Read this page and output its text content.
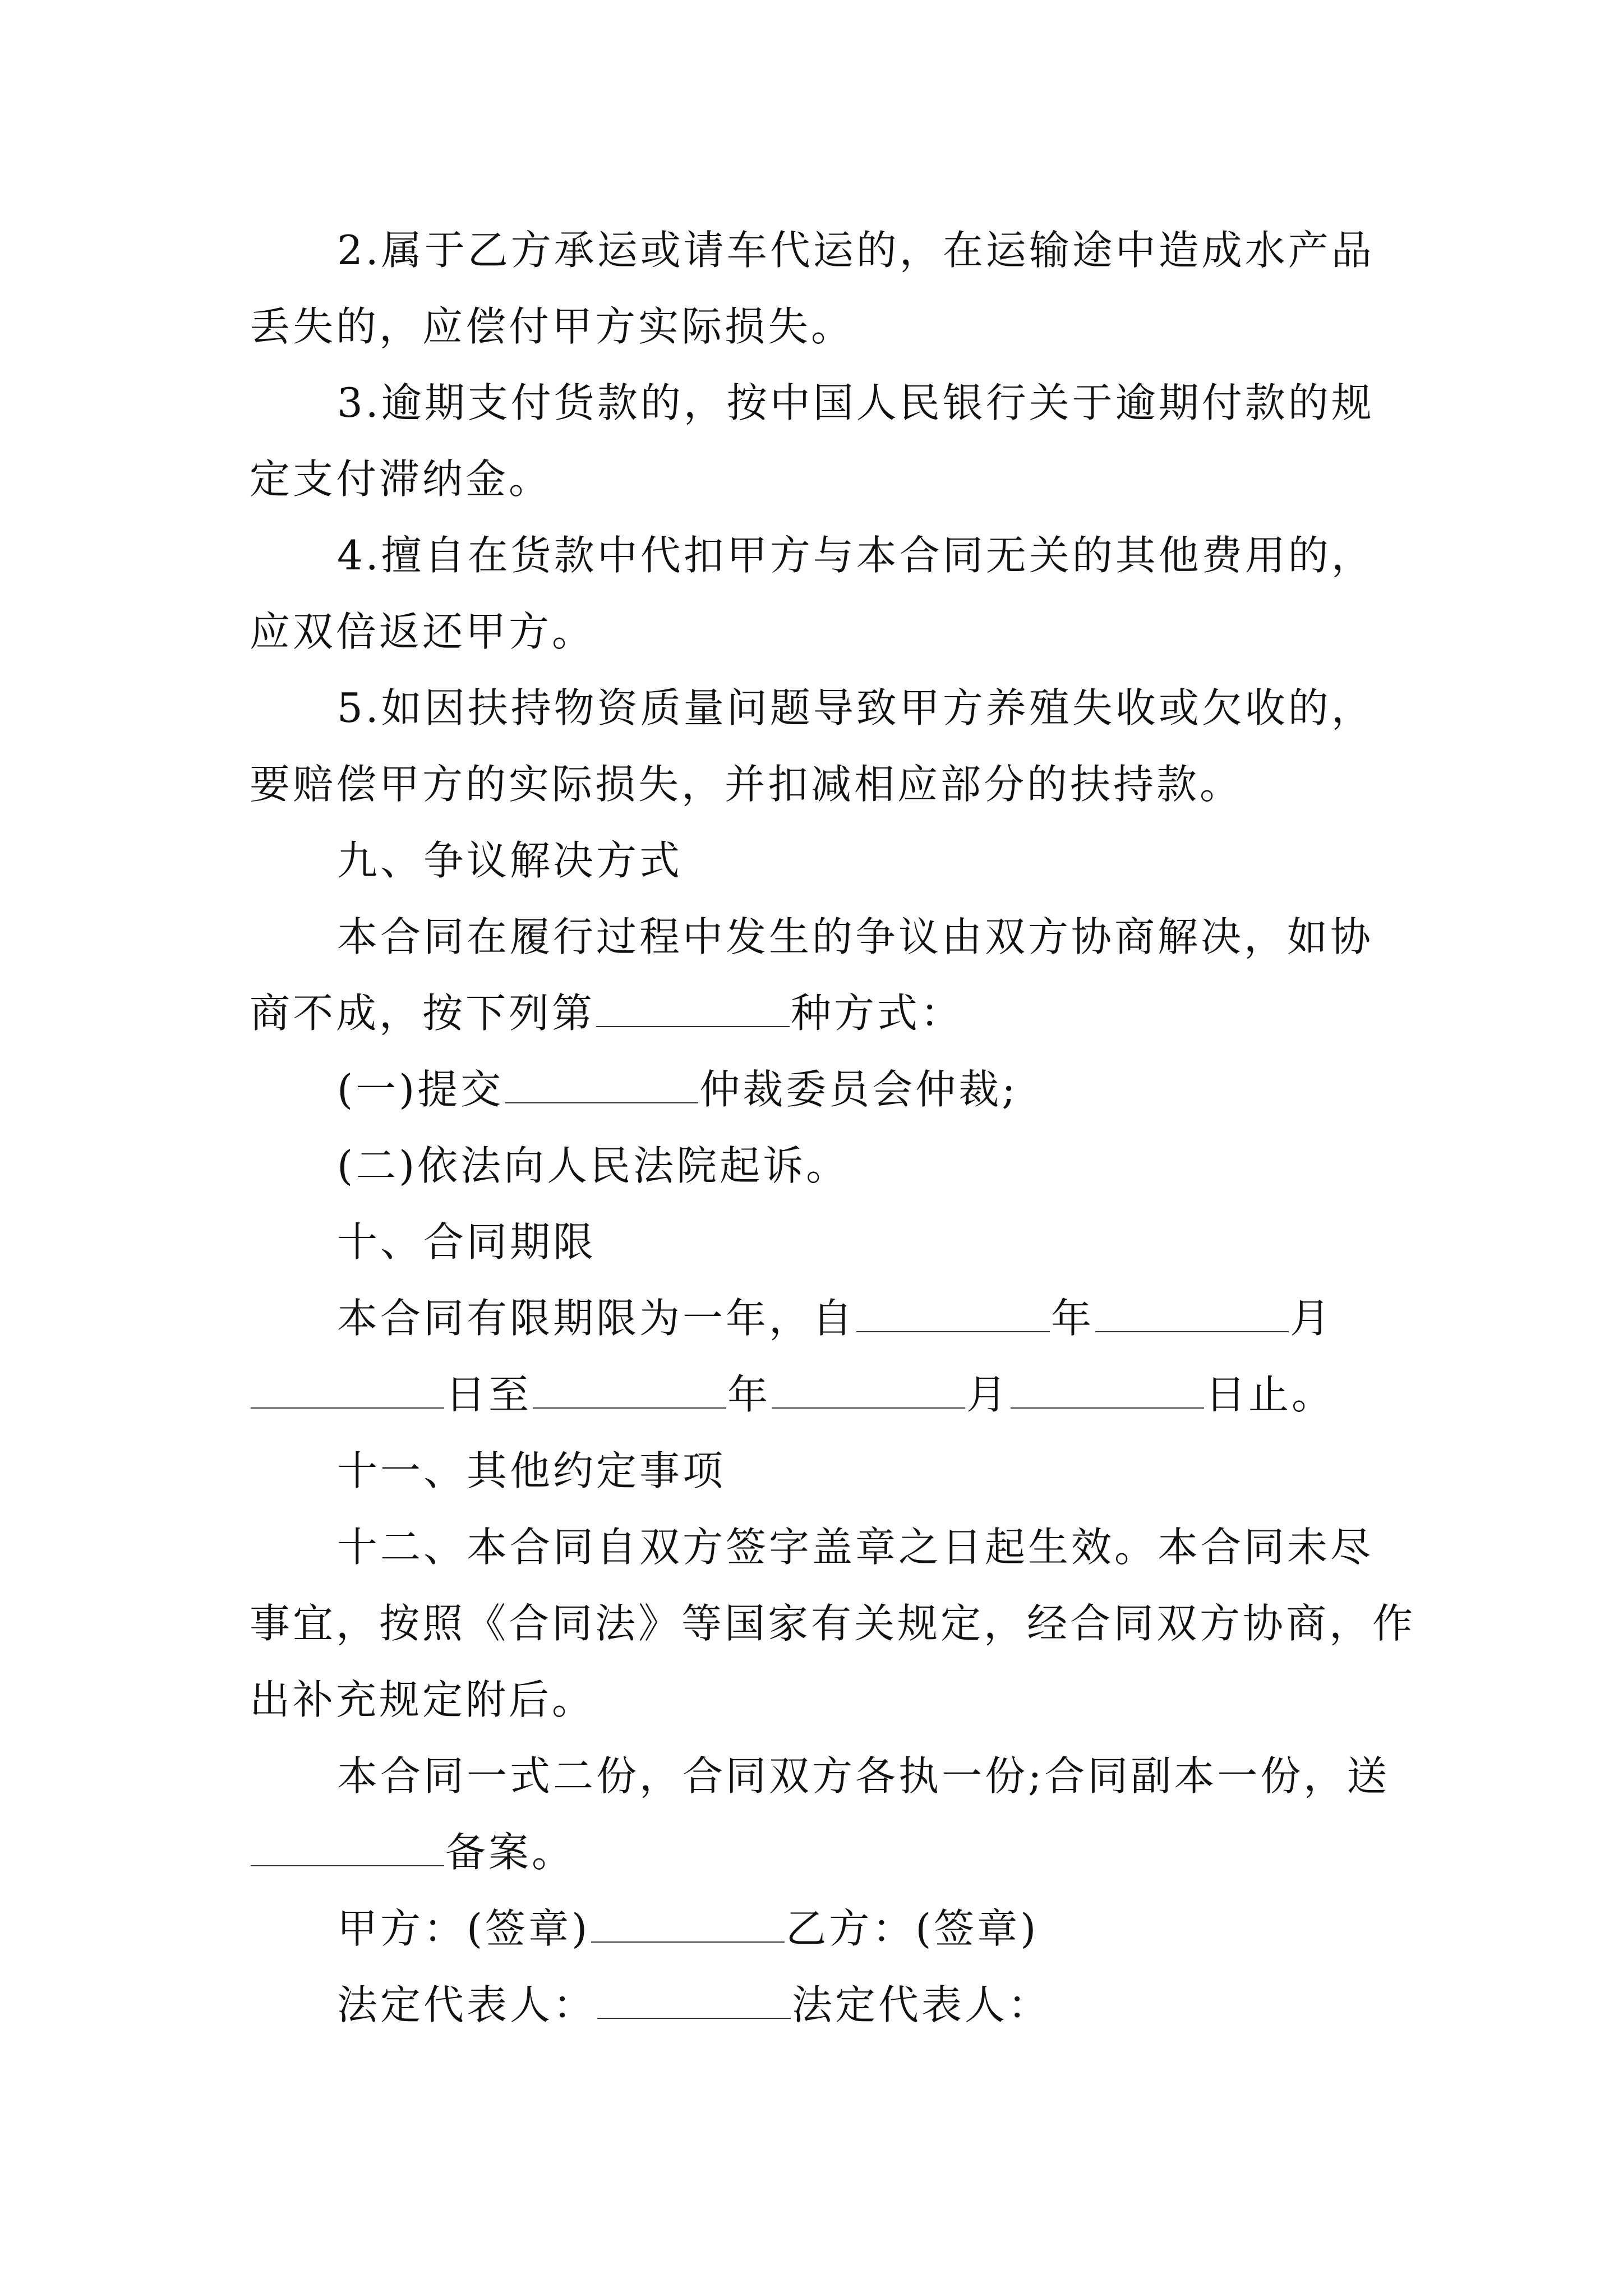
2.属于乙方承运或请车代运的，在运输途中造成水产品丢失的，应偿付甲方实际损失。

3.逾期支付货款的，按中国人民银行关于逾期付款的规定支付滞纳金。

4.擅自在货款中代扣甲方与本合同无关的其他费用的，应双倍返还甲方。

5.如因扶持物资质量问题导致甲方养殖失收或欠收的，要赔偿甲方的实际损失，并扣减相应部分的扶持款。

九、争议解决方式

本合同在履行过程中发生的争议由双方协商解决，如协商不成，按下列第	种方式：

(一)提交	仲裁委员会仲裁;

(二)依法向人民法院起诉。

十、合同期限

本合同有限期限为一年，自	年	月日至	年	月	日止。

十一、其他约定事项

十二、本合同自双方签字盖章之日起生效。本合同未尽事宜，按照《合同法》等国家有关规定，经合同双方协商，作出补充规定附后。

本合同一式二份，合同双方各执一份;合同副本一份，送备案。

甲方：(签章)	乙方：(签章)

法定代表人：	法定代表人：
